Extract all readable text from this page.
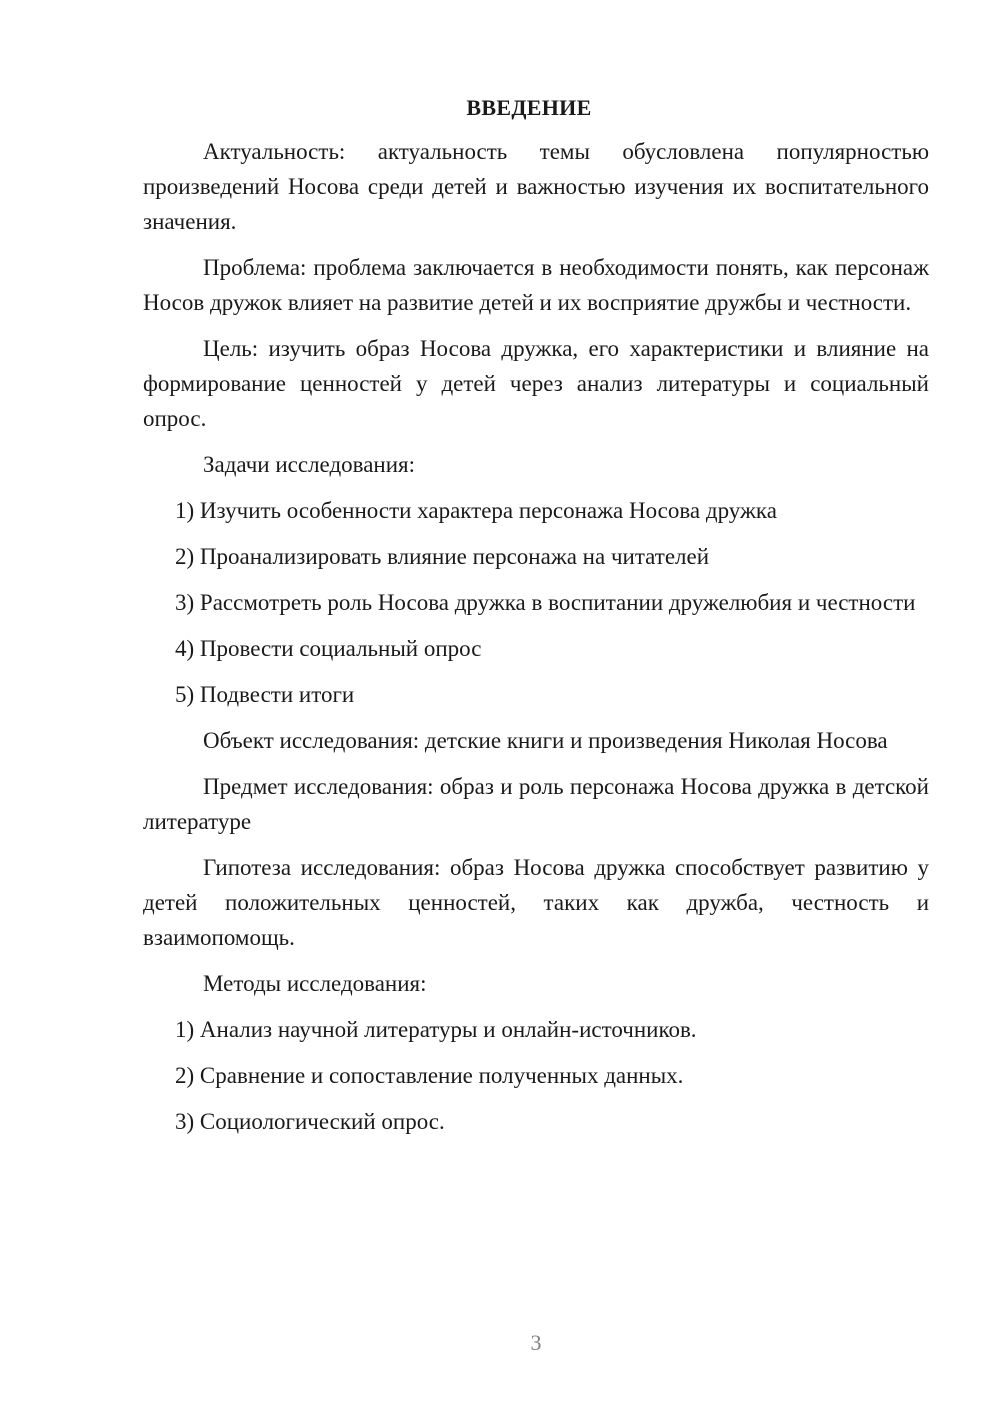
ВВЕДЕНИЕ

Актуальность: актуальность темы обусловлена популярностью произведений Носова среди детей и важностью изучения их воспитательного значения.

Проблема: проблема заключается в необходимости понять, как персонаж Носов дружок влияет на развитие детей и их восприятие дружбы и честности.

Цель: изучить образ Носова дружка, его характеристики и влияние на формирование ценностей у детей через анализ литературы и социальный опрос.

Задачи исследования:

1) Изучить особенности характера персонажа Носова дружка

2) Проанализировать влияние персонажа на читателей

3) Рассмотреть роль Носова дружка в воспитании дружелюбия и честности

4) Провести социальный опрос

5) Подвести итоги

Объект исследования: детские книги и произведения Николая Носова

Предмет исследования: образ и роль персонажа Носова дружка в детской литературе

Гипотеза исследования: образ Носова дружка способствует развитию у детей положительных ценностей, таких как дружба, честность и взаимопомощь.

Методы исследования:

1) Анализ научной литературы и онлайн-источников.

2) Сравнение и сопоставление полученных данных.

3) Социологический опрос.

3
